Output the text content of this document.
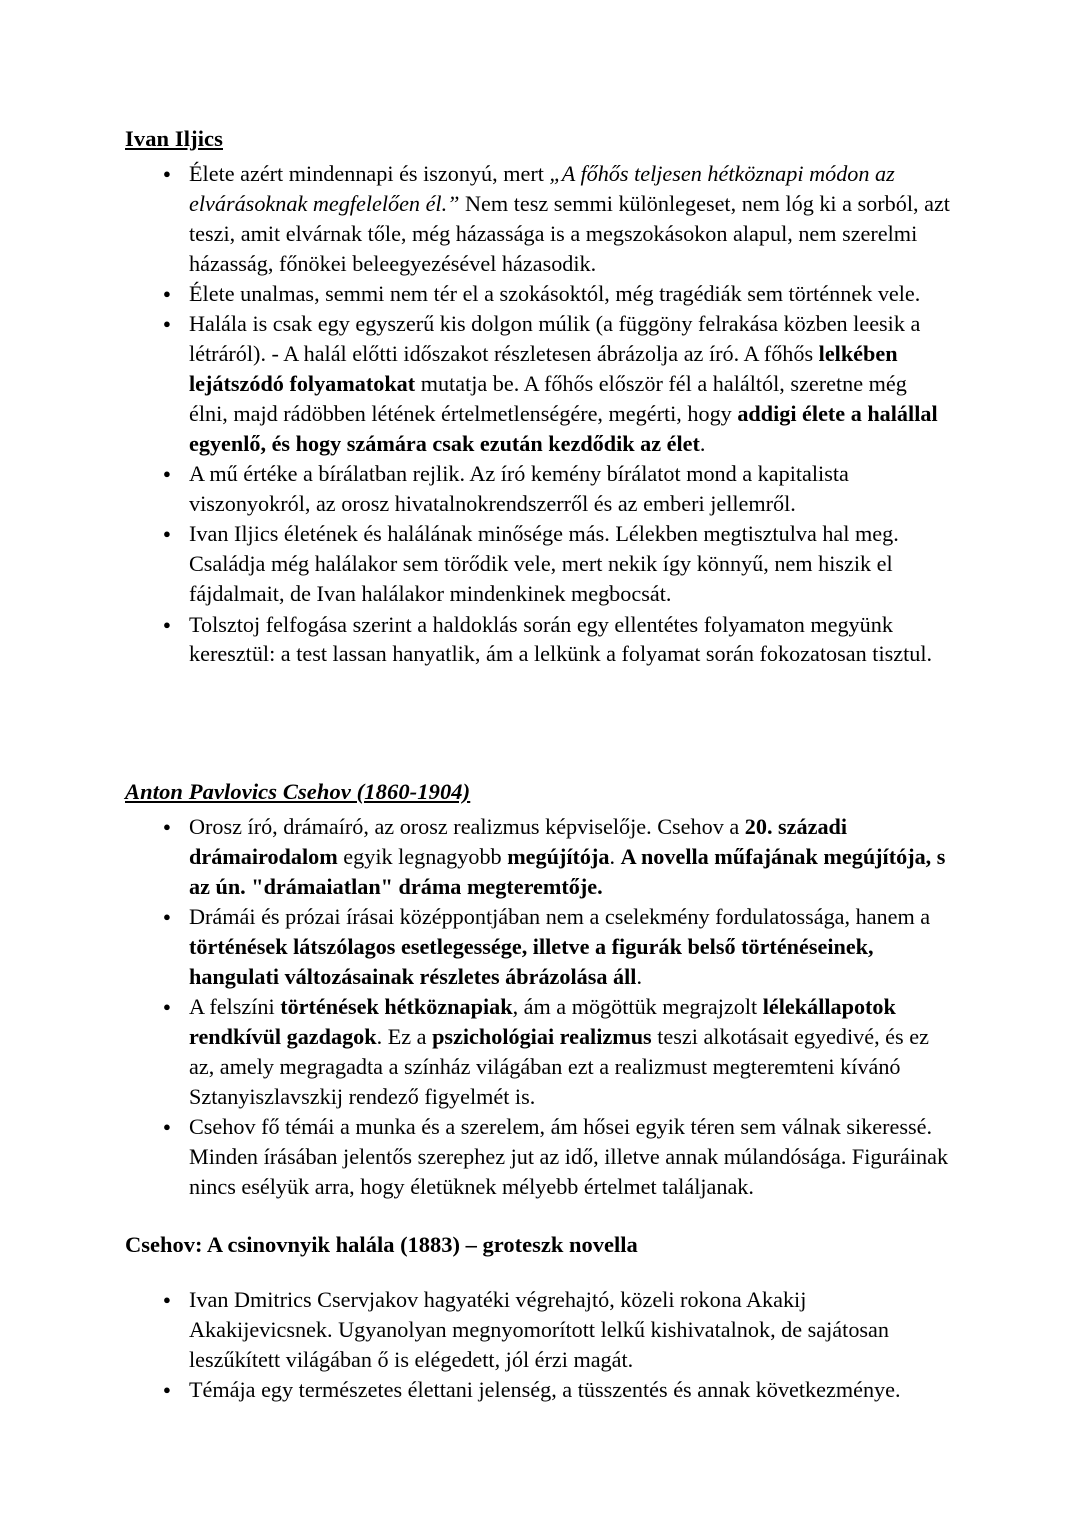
Ivan Iljics
● Élete azért mindennapi és iszonyú, mert „A főhős teljesen hétköznapi módon az elvárásoknak megfelelően él.” Nem tesz semmi különlegeset, nem lóg ki a sorból, azt teszi, amit elvárnak tőle, még házassága is a megszokásokon alapul, nem szerelmi házasság, főnökei beleegyezésével házasodik.
● Élete unalmas, semmi nem tér el a szokásoktól, még tragédiák sem történnek vele.
● Halála is csak egy egyszerű kis dolgon múlik (a függöny felrakása közben leesik a létráról). - A halál előtti időszakot részletesen ábrázolja az író. A főhős lelkében lejátszódó folyamatokat mutatja be. A főhős először fél a haláltól, szeretne még élni, majd rádöbben létének értelmetlenségére, megérti, hogy addigi élete a halállal egyenlő, és hogy számára csak ezután kezdődik az élet.
● A mű értéke a bírálatban rejlik. Az író kemény bírálatot mond a kapitalista viszonyokról, az orosz hivatalnokrendszerről és az emberi jellemről.
● Ivan Iljics életének és halálának minősége más. Lélekben megtisztulva hal meg. Családja még halálakor sem törődik vele, mert nekik így könnyű, nem hiszik el fájdalmait, de Ivan halálakor mindenkinek megbocsát.
● Tolsztoj felfogása szerint a haldoklás során egy ellentétes folyamaton megyünk keresztül: a test lassan hanyatlik, ám a lelkünk a folyamat során fokozatosan tisztul.
Anton Pavlovics Csehov (1860-1904)
● Orosz író, drámaíró, az orosz realizmus képviselője. Csehov a 20. századi drámairodalom egyik legnagyobb megújítója. A novella műfajának megújítója, s az ún. "drámaiatlan" dráma megteremtője.
● Drámái és prózai írásai középpontjában nem a cselekmény fordulatossága, hanem a történések látszólagos esetlegessége, illetve a figurák belső történéseinek, hangulati változásainak részletes ábrázolása áll.
● A felszíni történések hétköznapiak, ám a mögöttük megrajzolt lélekállapotok rendkívül gazdagok. Ez a pszichológiai realizmus teszi alkotásait egyedivé, és ez az, amely megragadta a színház világában ezt a realizmust megteremteni kívánó Sztanyiszlavszkij rendező figyelmét is.
● Csehov fő témái a munka és a szerelem, ám hősei egyik téren sem válnak sikeressé. Minden írásában jelentős szerephez jut az idő, illetve annak múlandósága. Figuráinak nincs esélyük arra, hogy életüknek mélyebb értelmet találjanak.
Csehov: A csinovnyik halála (1883) – groteszk novella
● Ivan Dmitrics Cservjakov hagyatéki végrehajtó, közeli rokona Akakij Akakijevicsnek. Ugyanolyan megnyomorított lelkű kishivatalnok, de sajátosan leszűkített világában ő is elégedett, jól érzi magát.
● Témája egy természetes élettani jelenség, a tüsszentés és annak következménye.
